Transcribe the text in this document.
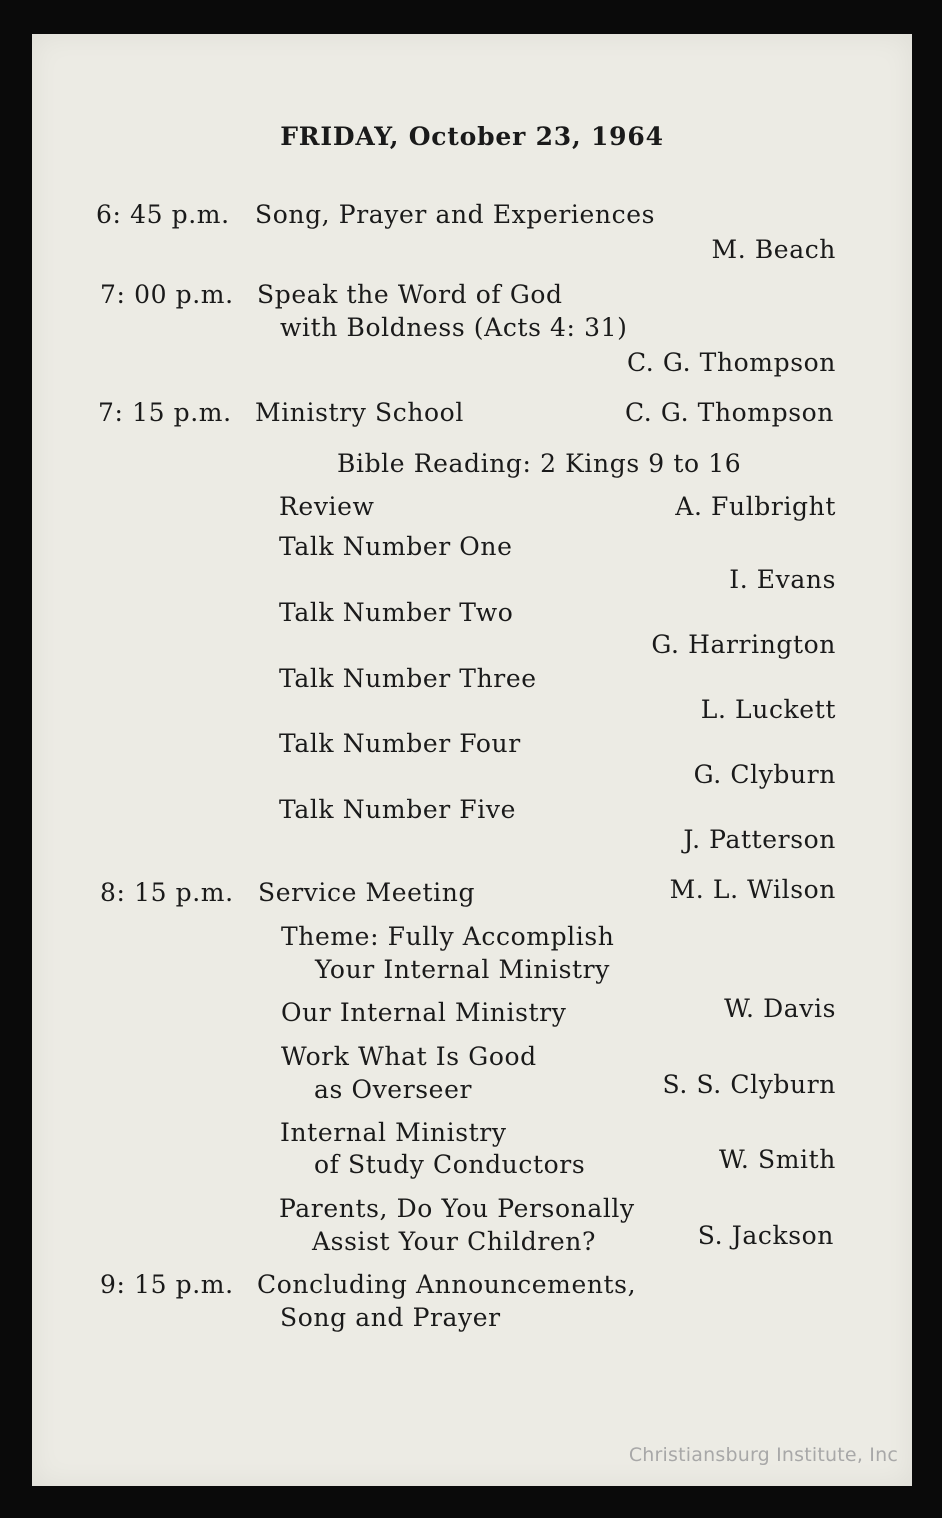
FRIDAY, October 23, 1964
6: 45 p.m. Song, Prayer and Experiences
M. Beach
7: 00 p.m. Speak the Word of God
with Boldness (Acts 4: 31)
C. G. Thompson
7: 15 p.m. Ministry School	C. G. Thompson
Bible Reading: 2 Kings 9 to 16
Review	A. Fulbright
Talk Number One
I. Evans
Talk Number Two
G. Harrington
Talk Number Three
L. Luckett
Talk Number Four
G. Clyburn
Talk Number Five
J. Patterson
8: 15 p.m. Service Meeting	M. L. Wilson
Theme: Fully Accomplish
Your Internal Ministry
Our Internal Ministry	W. Davis
Work What Is Good
as Overseer	S. S. Clyburn
Internal Ministry
of Study Conductors	W. Smith
Parents, Do You Personally
Assist Your Children?	S. Jackson
9: 15 p.m. Concluding Announcements,
Song and Prayer
Christiansburg Institute, Inc
